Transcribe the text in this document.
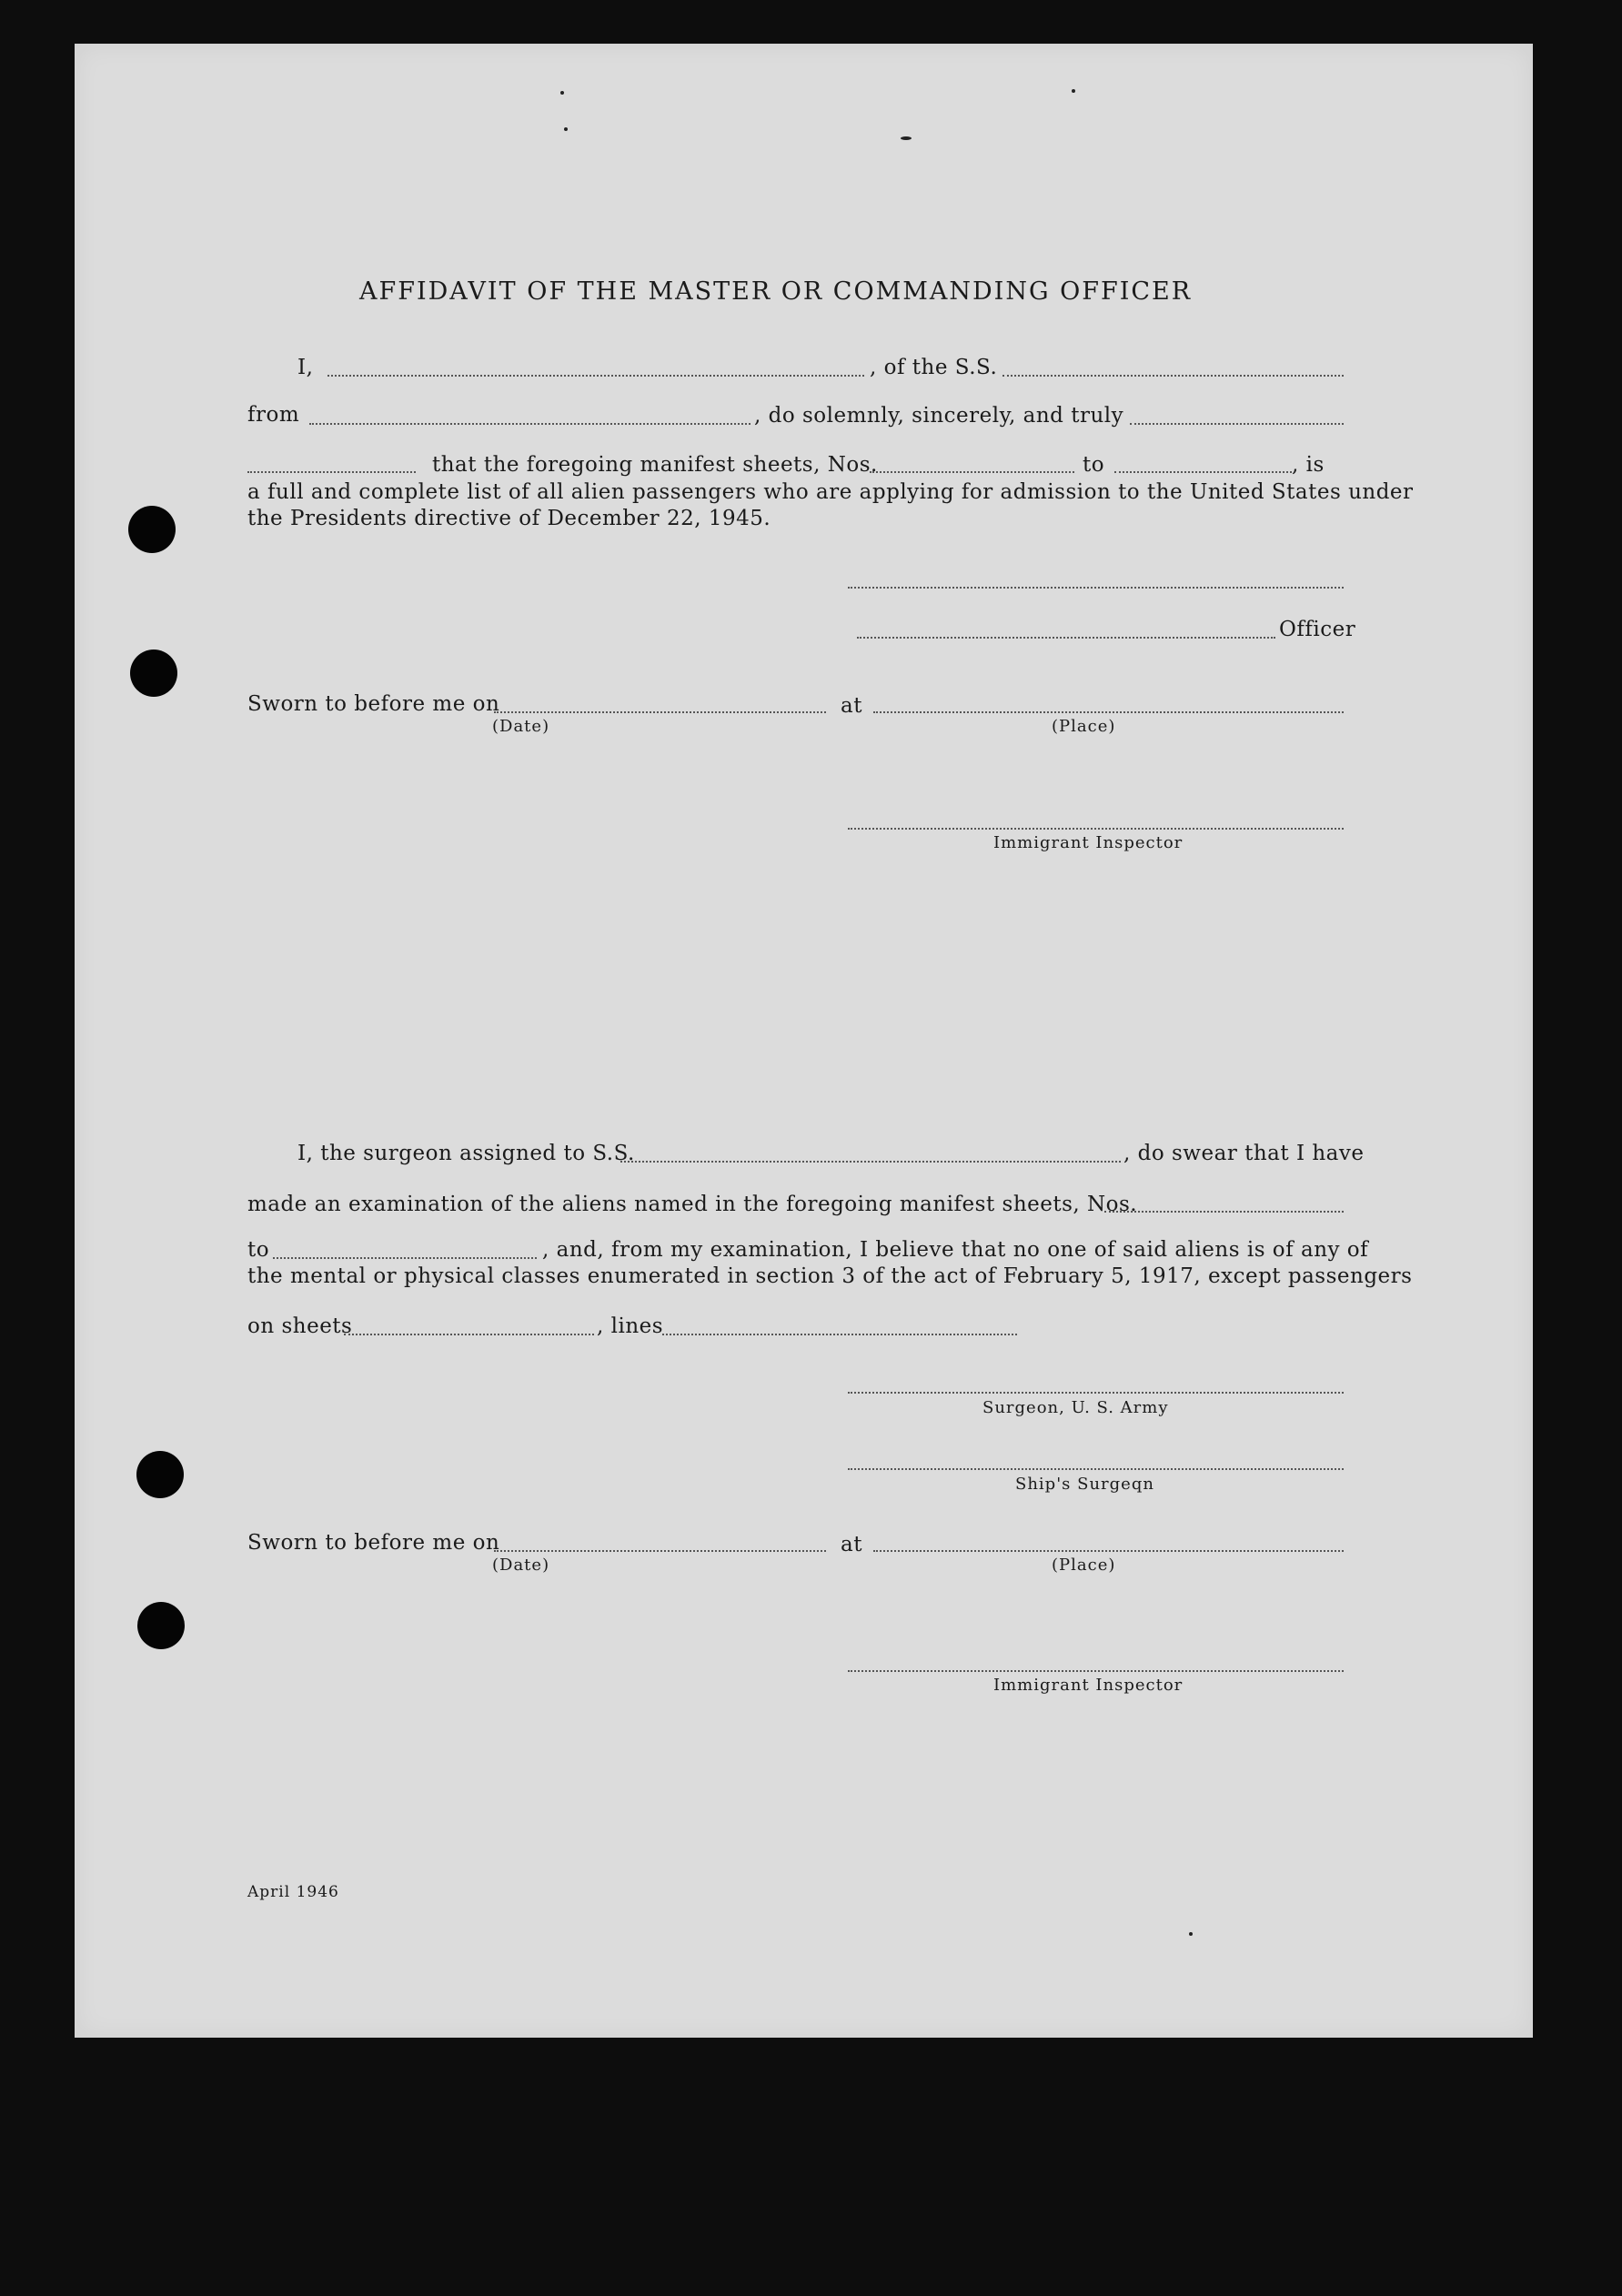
AFFIDAVIT OF THE MASTER OR COMMANDING OFFICER
I,	, of the S.S.
from	, do solemnly, sincerely, and truly
that the foregoing manifest sheets, Nos.	to	, is
a full and complete list of all alien passengers who are applying for admission to the United States under
the Presidents directive of December 22, 1945.
Officer
Sworn to before me on	at
(Date)	(Place)
Immigrant Inspector
I, the surgeon assigned to S.S.	, do swear that I have
made an examination of the aliens named in the foregoing manifest sheets, Nos.
to	, and, from my examination, I believe that no one of said aliens is of any of
the mental or physical classes enumerated in section 3 of the act of February 5, 1917, except passengers
on sheets	, lines
Surgeon, U. S. Army
Ship's Surgeqn
Sworn to before me on	at
(Date)	(Place)
Immigrant Inspector
April 1946
